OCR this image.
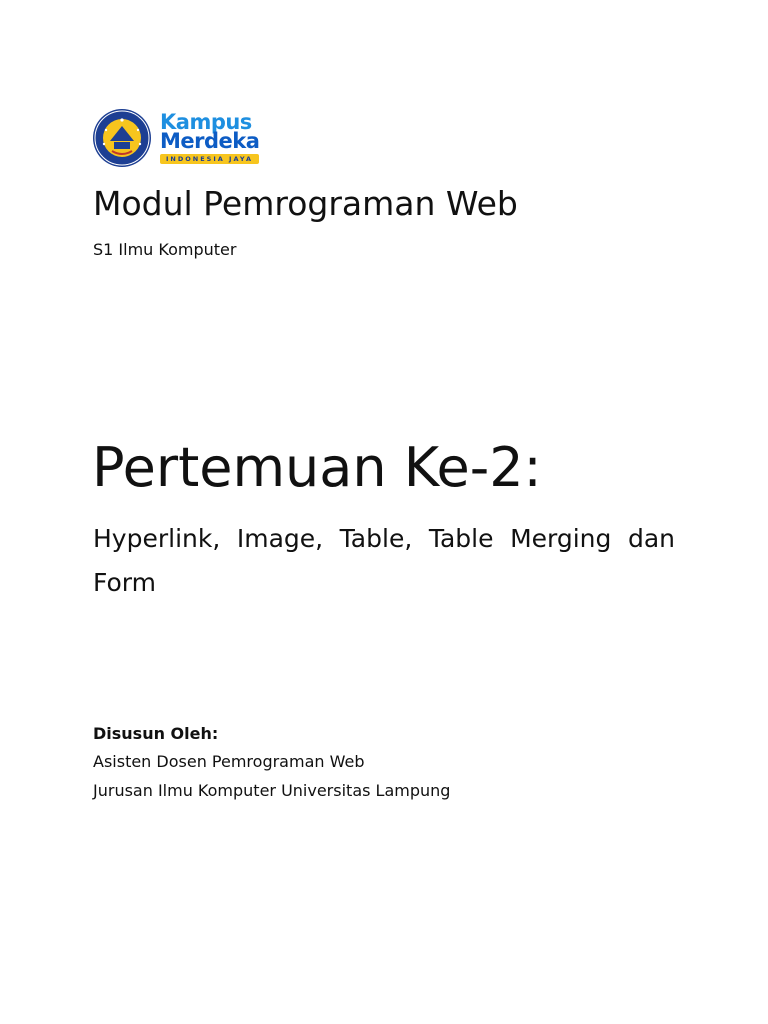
Kampus
Merdeka
INDONESIA JAYA
Modul Pemrograman Web

S1 Ilmu Komputer

Pertemuan Ke-2:

Hyperlink, Image, Table, Table Merging dan Form

Disusun Oleh:

Asisten Dosen Pemrograman Web

Jurusan Ilmu Komputer Universitas Lampung
